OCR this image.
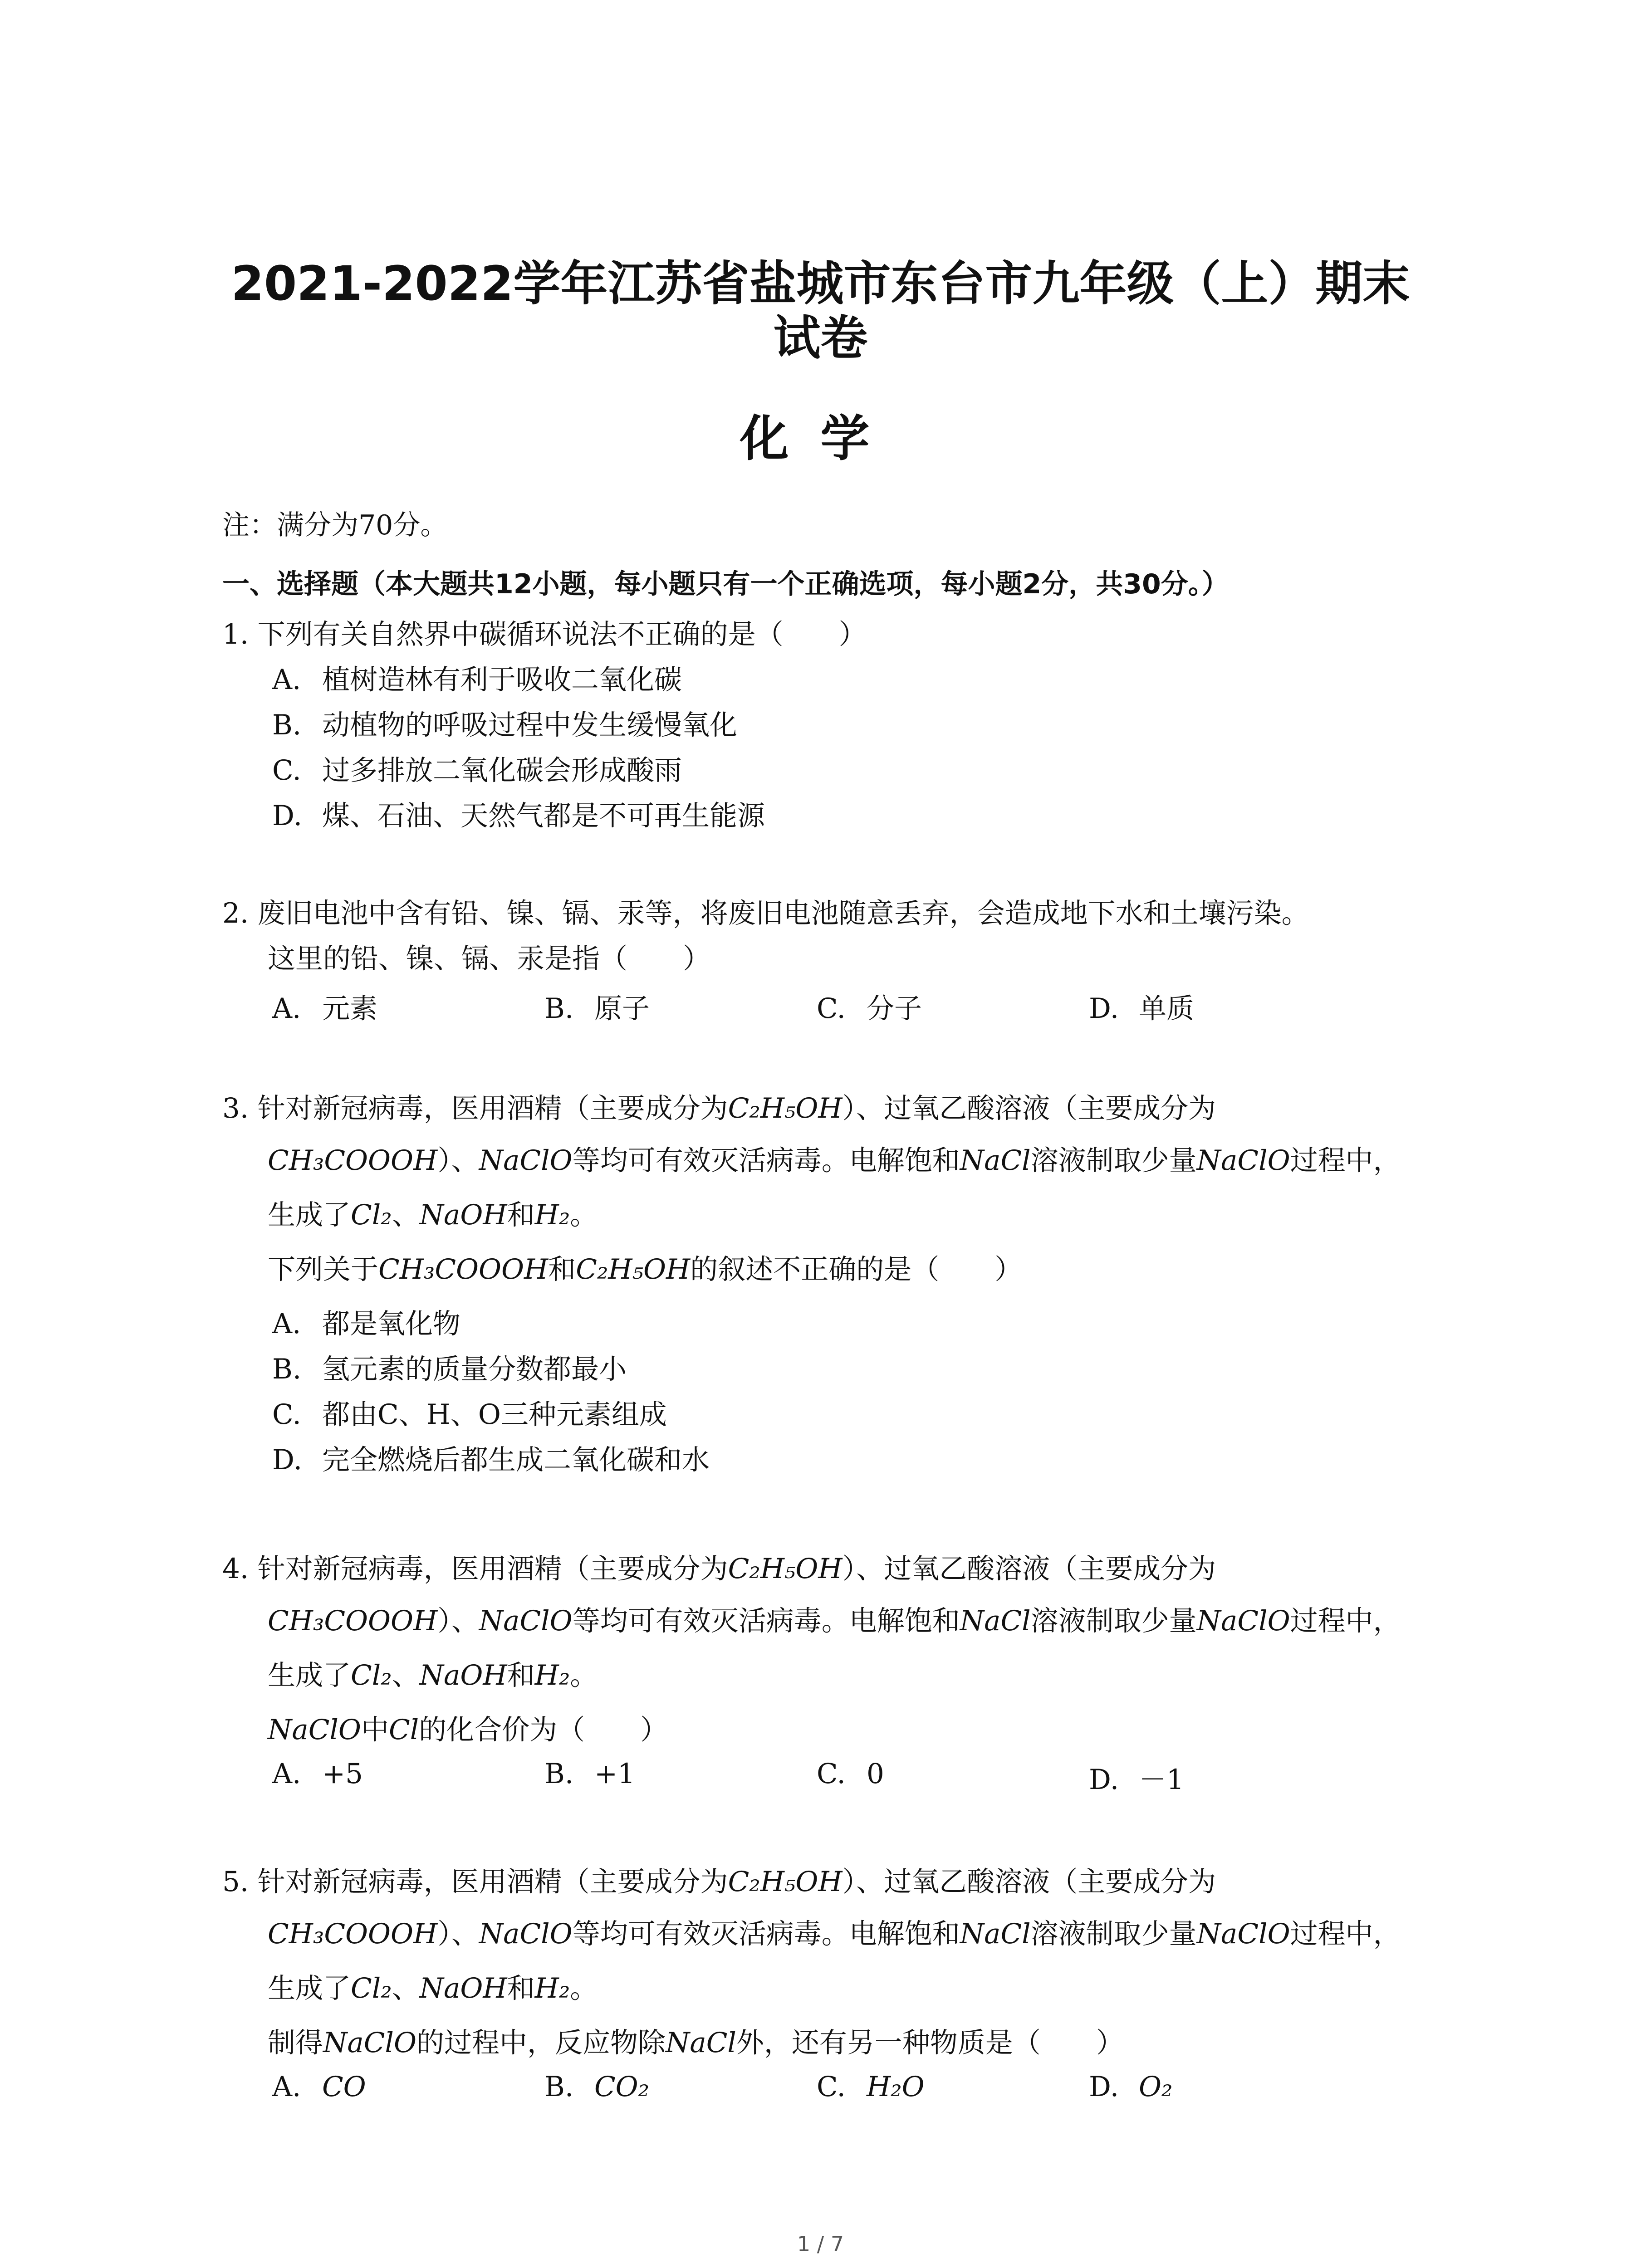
2021-2022学年江苏省盐城市东台市九年级（上）期末
试卷
化学
注：满分为70分。
一、选择题（本大题共12小题，每小题只有一个正确选项，每小题2分，共30分。）
1. 下列有关自然界中碳循环说法不正确的是（　　）
A. 植树造林有利于吸收二氧化碳
B. 动植物的呼吸过程中发生缓慢氧化
C. 过多排放二氧化碳会形成酸雨
D. 煤、石油、天然气都是不可再生能源
2. 废旧电池中含有铅、镍、镉、汞等，将废旧电池随意丢弃，会造成地下水和土壤污染。
这里的铅、镍、镉、汞是指（　　）
A. 元素	B. 原子	C. 分子	D. 单质
3. 针对新冠病毒，医用酒精（主要成分为C₂H₅OH）、过氧乙酸溶液（主要成分为
CH₃COOOH）、NaClO等均可有效灭活病毒。电解饱和NaCl溶液制取少量NaClO过程中，
生成了Cl₂、NaOH和H₂。
下列关于CH₃COOOH和C₂H₅OH的叙述不正确的是（　　）
A. 都是氧化物
B. 氢元素的质量分数都最小
C. 都由C、H、O三种元素组成
D. 完全燃烧后都生成二氧化碳和水
4. 针对新冠病毒，医用酒精（主要成分为C₂H₅OH）、过氧乙酸溶液（主要成分为
CH₃COOOH）、NaClO等均可有效灭活病毒。电解饱和NaCl溶液制取少量NaClO过程中，
生成了Cl₂、NaOH和H₂。
NaClO中Cl的化合价为（　　）
A. +5	B. +1	C. 0	D. －1
5. 针对新冠病毒，医用酒精（主要成分为C₂H₅OH）、过氧乙酸溶液（主要成分为
CH₃COOOH）、NaClO等均可有效灭活病毒。电解饱和NaCl溶液制取少量NaClO过程中，
生成了Cl₂、NaOH和H₂。
制得NaClO的过程中，反应物除NaCl外，还有另一种物质是（　　）
A. CO	B. CO₂	C. H₂O	D. O₂
1 / 7
